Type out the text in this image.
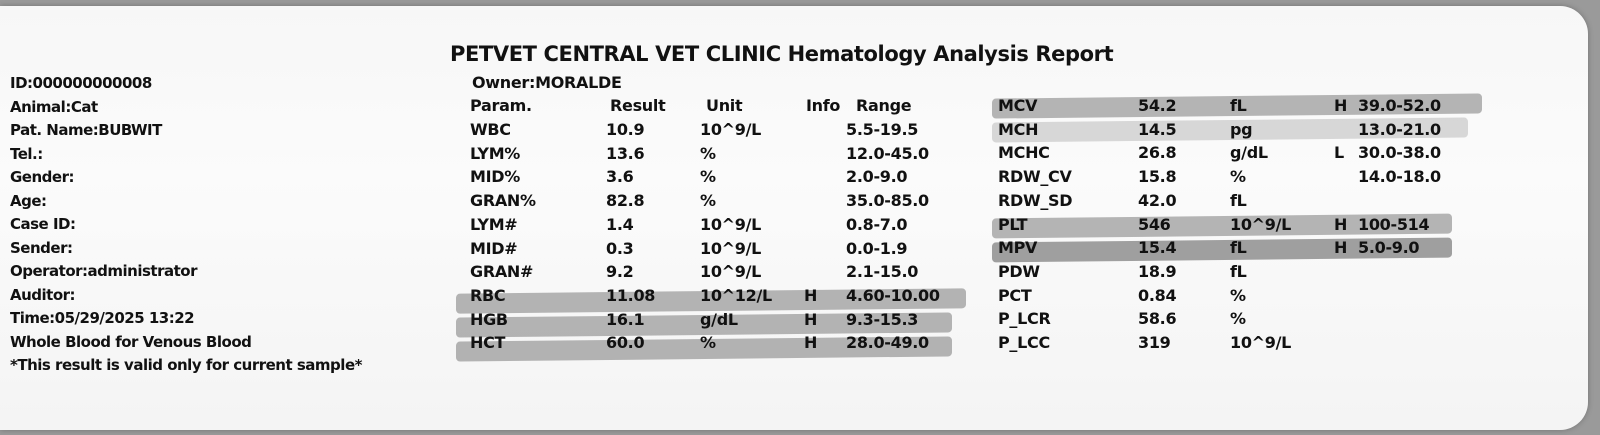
PETVET CENTRAL VET CLINIC Hematology Analysis Report
Owner:MORALDE
ID:000000000008
Animal:Cat
Pat. Name:BUBWIT
Tel.:
Gender:
Age:
Case ID:
Sender:
Operator:administrator
Auditor:
Time:05/29/2025 13:22
Whole Blood for Venous Blood
*This result is valid only for current sample*
Param.	Result	Unit	Info Range
WBC	10.9	10^9/L	5.5-19.5
LYM%	13.6	%	12.0-45.0
MID%	3.6	%	2.0-9.0
GRAN%	82.8	%	35.0-85.0
LYM#	1.4	10^9/L	0.8-7.0
MID#	0.3	10^9/L	0.0-1.9
GRAN#	9.2	10^9/L	2.1-15.0
RBC	11.08	10^12/L H 4.60-10.00
HGB	16.1	g/dL	H 9.3-15.3
HCT	60.0	%	H 28.0-49.0
MCV	54.2	fL	H 39.0-52.0
MCH	14.5	pg	13.0-21.0
MCHC	26.8	g/dL	L 30.0-38.0
RDW_CV	15.8	%	14.0-18.0
RDW_SD	42.0	fL
PLT	546	10^9/L	H 100-514
MPV	15.4	fL	H 5.0-9.0
PDW	18.9	fL
PCT	0.84	%
P_LCR	58.6	%
P_LCC	319	10^9/L
